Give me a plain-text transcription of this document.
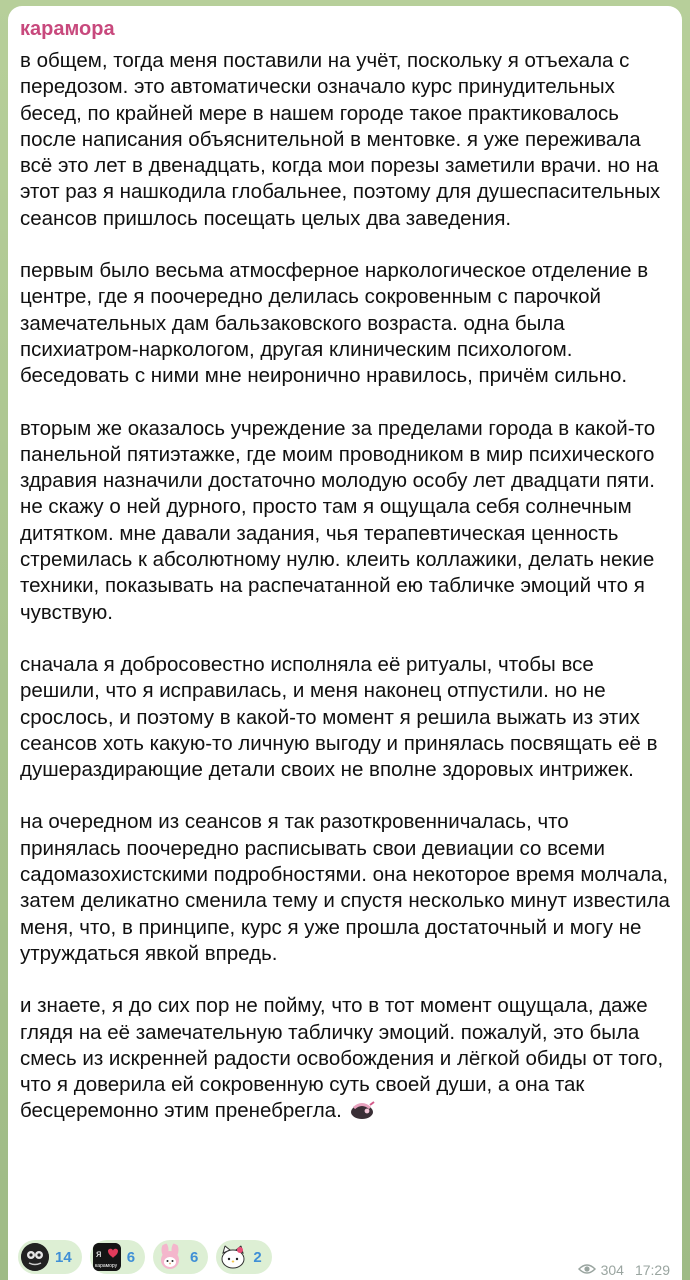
карамора

в общем, тогда меня поставили на учёт, поскольку я отъехала с передозом. это автоматически означало курс принудительных бесед, по крайней мере в нашем городе такое практиковалось после написания объяснительной в ментовке. я уже переживала всё это лет в двенадцать, когда мои порезы заметили врачи. но на этот раз я нашкодила глобальнее, поэтому для душеспасительных сеансов пришлось посещать целых два заведения.

первым было весьма атмосферное наркологическое отделение в центре, где я поочередно делилась сокровенным с парочкой замечательных дам бальзаковского возраста. одна была психиатром-наркологом, другая клиническим психологом. беседовать с ними мне неиронично нравилось, причём сильно.

вторым же оказалось учреждение за пределами города в какой-то панельной пятиэтажке, где моим проводником в мир психического здравия назначили достаточно молодую особу лет двадцати пяти. не скажу о ней дурного, просто там я ощущала себя солнечным дитятком. мне давали задания, чья терапевтическая ценность стремилась к абсолютному нулю. клеить коллажики, делать некие техники, показывать на распечатанной ею табличке эмоций что я чувствую.

сначала я добросовестно исполняла её ритуалы, чтобы все решили, что я исправилась, и меня наконец отпустили. но не срослось, и поэтому в какой-то момент я решила выжать из этих сеансов хоть какую-то личную выгоду и принялась посвящать её в душераздирающие детали своих не вполне здоровых интрижек.

на очередном из сеансов я так разоткровенничалась, что принялась поочередно расписывать свои девиации со всеми садомазохистскими подробностями. она некоторое время молчала, затем деликатно сменила тему и спустя несколько минут известила меня, что, в принципе, курс я уже прошла достаточный и могу не утруждаться явкой впредь.

и знаете, я до сих пор не пойму, что в тот момент ощущала, даже глядя на её замечательную табличку эмоций. пожалуй, это была смесь из искренней радости освобождения и лёгкой обиды от того, что я доверила ей сокровенную суть своей души, а она так бесцеремонно этим пренебрегла.

14 я
карамору
6	6	2
304 17:29
